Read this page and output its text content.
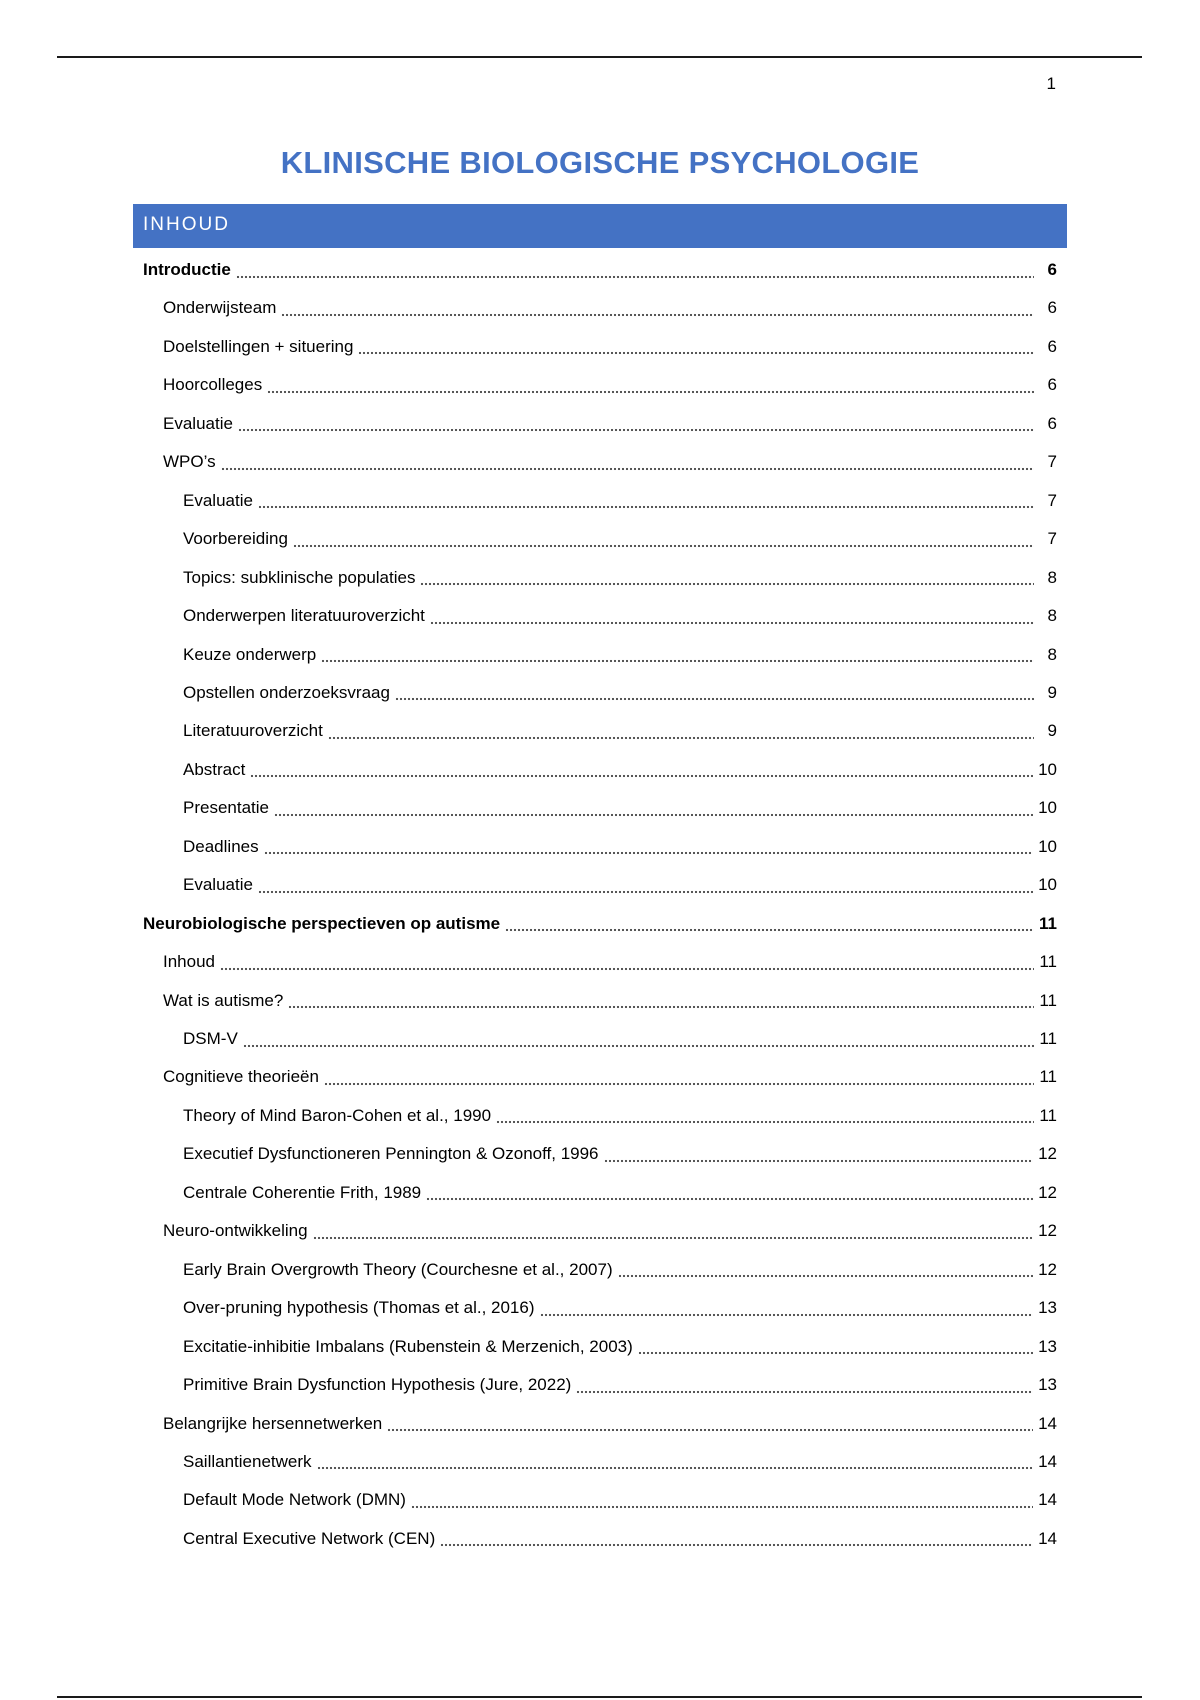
1
KLINISCHE BIOLOGISCHE PSYCHOLOGIE
INHOUD
Introductie	6
Onderwijsteam	6
Doelstellingen + situering	6
Hoorcolleges	6
Evaluatie	6
WPO’s	7
Evaluatie	7
Voorbereiding	7
Topics: subklinische populaties	8
Onderwerpen literatuuroverzicht	8
Keuze onderwerp	8
Opstellen onderzoeksvraag	9
Literatuuroverzicht	9
Abstract	10
Presentatie	10
Deadlines	10
Evaluatie	10
Neurobiologische perspectieven op autisme	11
Inhoud	11
Wat is autisme?	11
DSM-V	11
Cognitieve theorieën	11
Theory of Mind Baron-Cohen et al., 1990	11
Executief Dysfunctioneren Pennington & Ozonoff, 1996	12
Centrale Coherentie Frith, 1989	12
Neuro-ontwikkeling	12
Early Brain Overgrowth Theory (Courchesne et al., 2007)	12
Over-pruning hypothesis (Thomas et al., 2016)	13
Excitatie-inhibitie Imbalans (Rubenstein & Merzenich, 2003)	13
Primitive Brain Dysfunction Hypothesis (Jure, 2022)	13
Belangrijke hersennetwerken	14
Saillantienetwerk	14
Default Mode Network (DMN)	14
Central Executive Network (CEN)	14
